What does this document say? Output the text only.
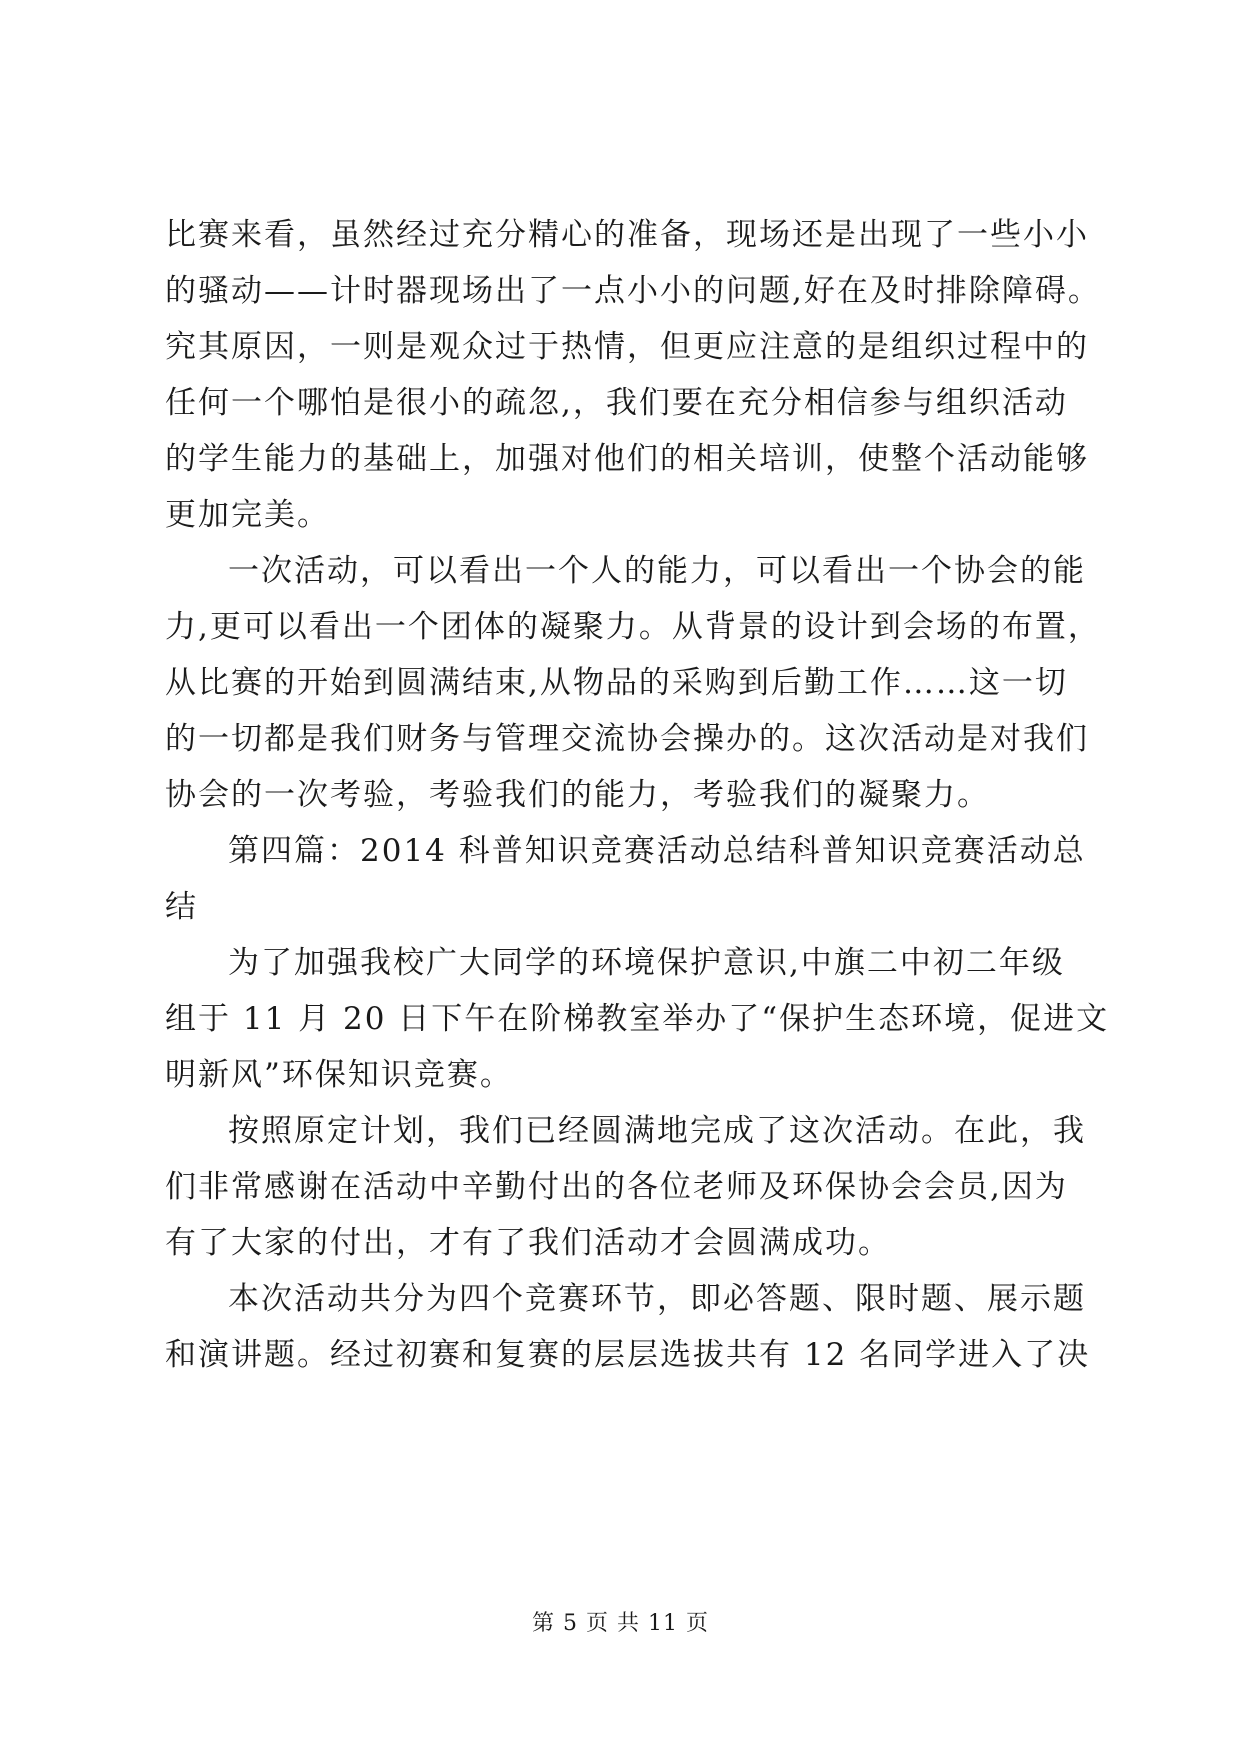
比赛来看，虽然经过充分精心的准备，现场还是出现了一些小小
的骚动——计时器现场出了一点小小的问题,好在及时排除障碍。
究其原因，一则是观众过于热情，但更应注意的是组织过程中的
任何一个哪怕是很小的疏忽,，我们要在充分相信参与组织活动
的学生能力的基础上，加强对他们的相关培训，使整个活动能够
更加完美。
一次活动，可以看出一个人的能力，可以看出一个协会的能
力,更可以看出一个团体的凝聚力。从背景的设计到会场的布置，
从比赛的开始到圆满结束,从物品的采购到后勤工作……这一切
的一切都是我们财务与管理交流协会操办的。这次活动是对我们
协会的一次考验，考验我们的能力，考验我们的凝聚力。
第四篇：2014 科普知识竞赛活动总结科普知识竞赛活动总
结
为了加强我校广大同学的环境保护意识,中旗二中初二年级
组于 11 月 20 日下午在阶梯教室举办了“保护生态环境，促进文
明新风”环保知识竞赛。
按照原定计划，我们已经圆满地完成了这次活动。在此，我
们非常感谢在活动中辛勤付出的各位老师及环保协会会员,因为
有了大家的付出，才有了我们活动才会圆满成功。
本次活动共分为四个竞赛环节，即必答题、限时题、展示题
和演讲题。经过初赛和复赛的层层选拔共有 12 名同学进入了决
第 5 页 共 11 页
